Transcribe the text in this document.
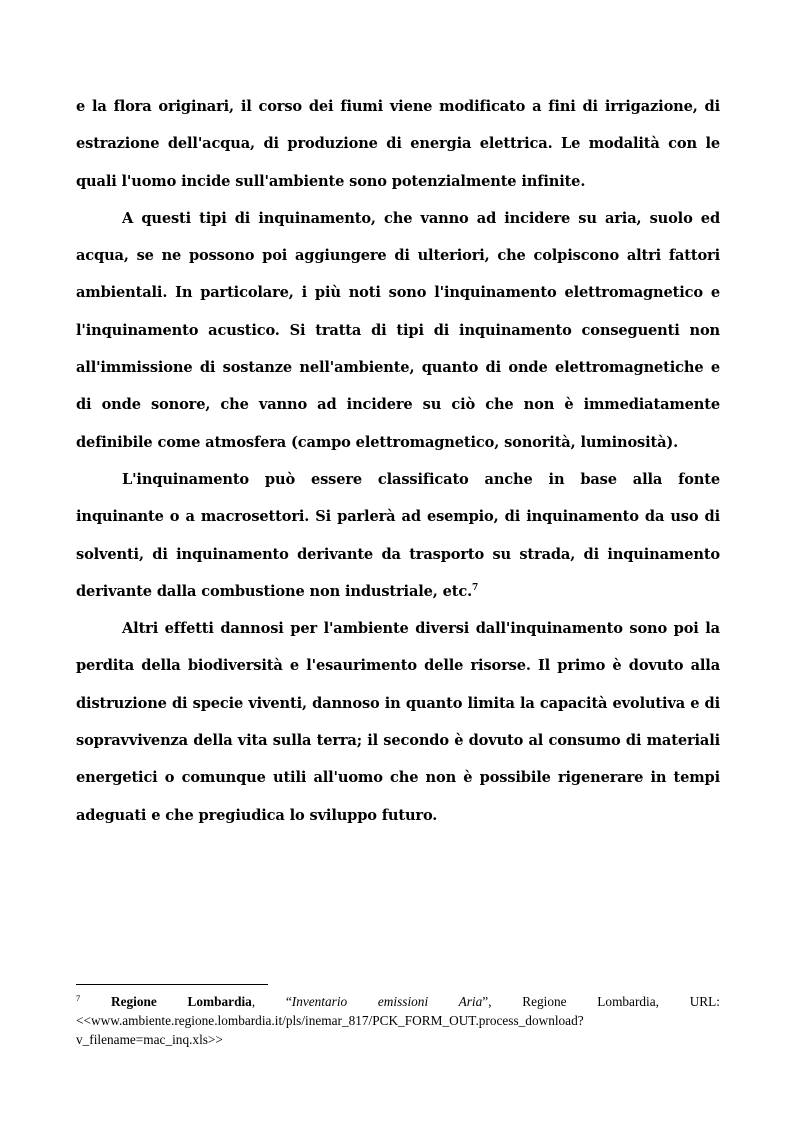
e la flora originari, il corso dei fiumi viene modificato a fini di irrigazione, di estrazione dell'acqua, di produzione di energia elettrica. Le modalità con le quali l'uomo incide sull'ambiente sono potenzialmente infinite.

A questi tipi di inquinamento, che vanno ad incidere su aria, suolo ed acqua, se ne possono poi aggiungere di ulteriori, che colpiscono altri fattori ambientali. In particolare, i più noti sono l'inquinamento elettromagnetico e l'inquinamento acustico. Si tratta di tipi di inquinamento conseguenti non all'immissione di sostanze nell'ambiente, quanto di onde elettromagnetiche e di onde sonore, che vanno ad incidere su ciò che non è immediatamente definibile come atmosfera (campo elettromagnetico, sonorità, luminosità).

L'inquinamento può essere classificato anche in base alla fonte inquinante o a macrosettori. Si parlerà ad esempio, di inquinamento da uso di solventi, di inquinamento derivante da trasporto su strada, di inquinamento derivante dalla combustione non industriale, etc.$^7$

Altri effetti dannosi per l'ambiente diversi dall'inquinamento sono poi la perdita della biodiversità e l'esaurimento delle risorse. Il primo è dovuto alla distruzione di specie viventi, dannoso in quanto limita la capacità evolutiva e di sopravvivenza della vita sulla terra; il secondo è dovuto al consumo di materiali energetici o comunque utili all'uomo che non è possibile rigenerare in tempi adeguati e che pregiudica lo sviluppo futuro.

$^7$ Regione Lombardia, “Inventario emissioni Aria”, Regione Lombardia, URL: <<www.ambiente.regione.lombardia.it/pls/inemar_817/PCK_FORM_OUT.process_download?v_filename=mac_inq.xls>>
